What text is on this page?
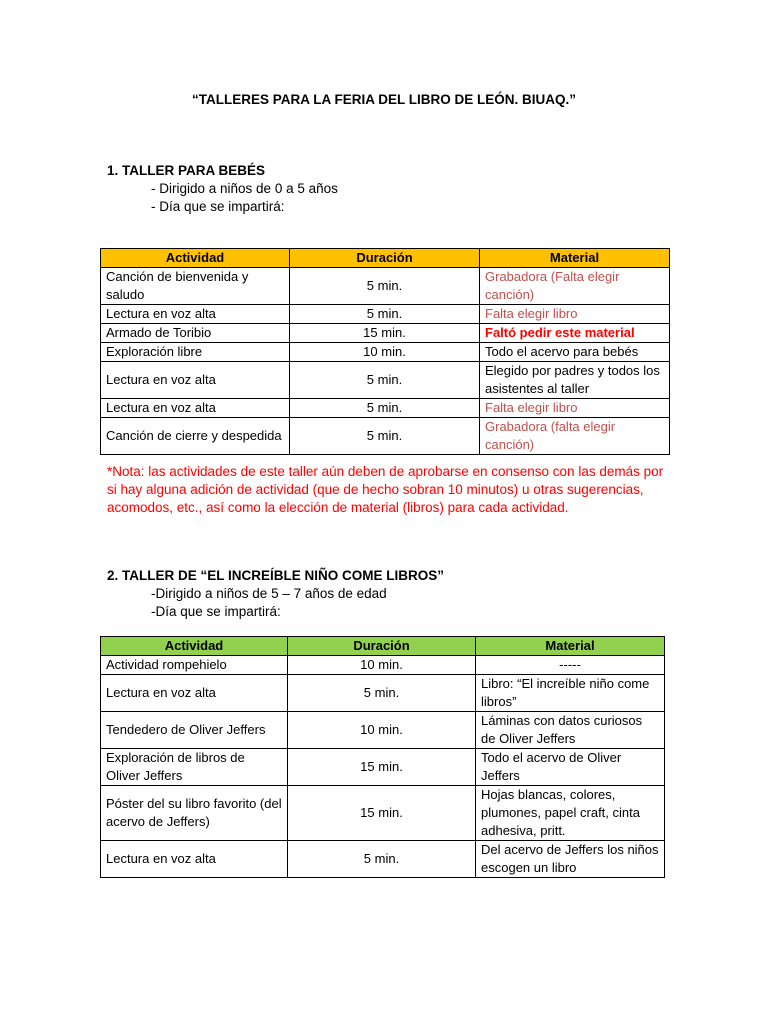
“TALLERES PARA LA FERIA DEL LIBRO DE LEÓN. BIUAQ.”
1. TALLER PARA BEBÉS
- Dirigido a niños de 0 a 5 años
- Día que se impartirá:
Actividad	Duración	Material
Canción de bienvenida y saludo	5 min.	Grabadora (Falta elegir canción)
Lectura en voz alta	5 min.	Falta elegir libro
Armado de Toribio	15 min.	Faltó pedir este material
Exploración libre	10 min.	Todo el acervo para bebés
Lectura en voz alta	5 min.	Elegido por padres y todos los asistentes al taller
Lectura en voz alta	5 min.	Falta elegir libro
Canción de cierre y despedida	5 min.	Grabadora (falta elegir canción)
*Nota: las actividades de este taller aún deben de aprobarse en consenso con las demás por si hay alguna adición de actividad (que de hecho sobran 10 minutos) u otras sugerencias, acomodos, etc., así como la elección de material (libros) para cada actividad.
2. TALLER DE “EL INCREÍBLE NIÑO COME LIBROS”
-Dirigido a niños de 5 – 7 años de edad
-Día que se impartirá:
Actividad	Duración	Material
Actividad rompehielo	10 min.	-----
Lectura en voz alta	5 min.	Libro: “El increíble niño come libros”
Tendedero de Oliver Jeffers	10 min.	Láminas con datos curiosos de Oliver Jeffers
Exploración de libros de Oliver Jeffers	15 min.	Todo el acervo de Oliver Jeffers
Póster del su libro favorito (del acervo de Jeffers)	15 min.	Hojas blancas, colores, plumones, papel craft, cinta adhesiva, pritt.
Lectura en voz alta	5 min.	Del acervo de Jeffers los niños escogen un libro
